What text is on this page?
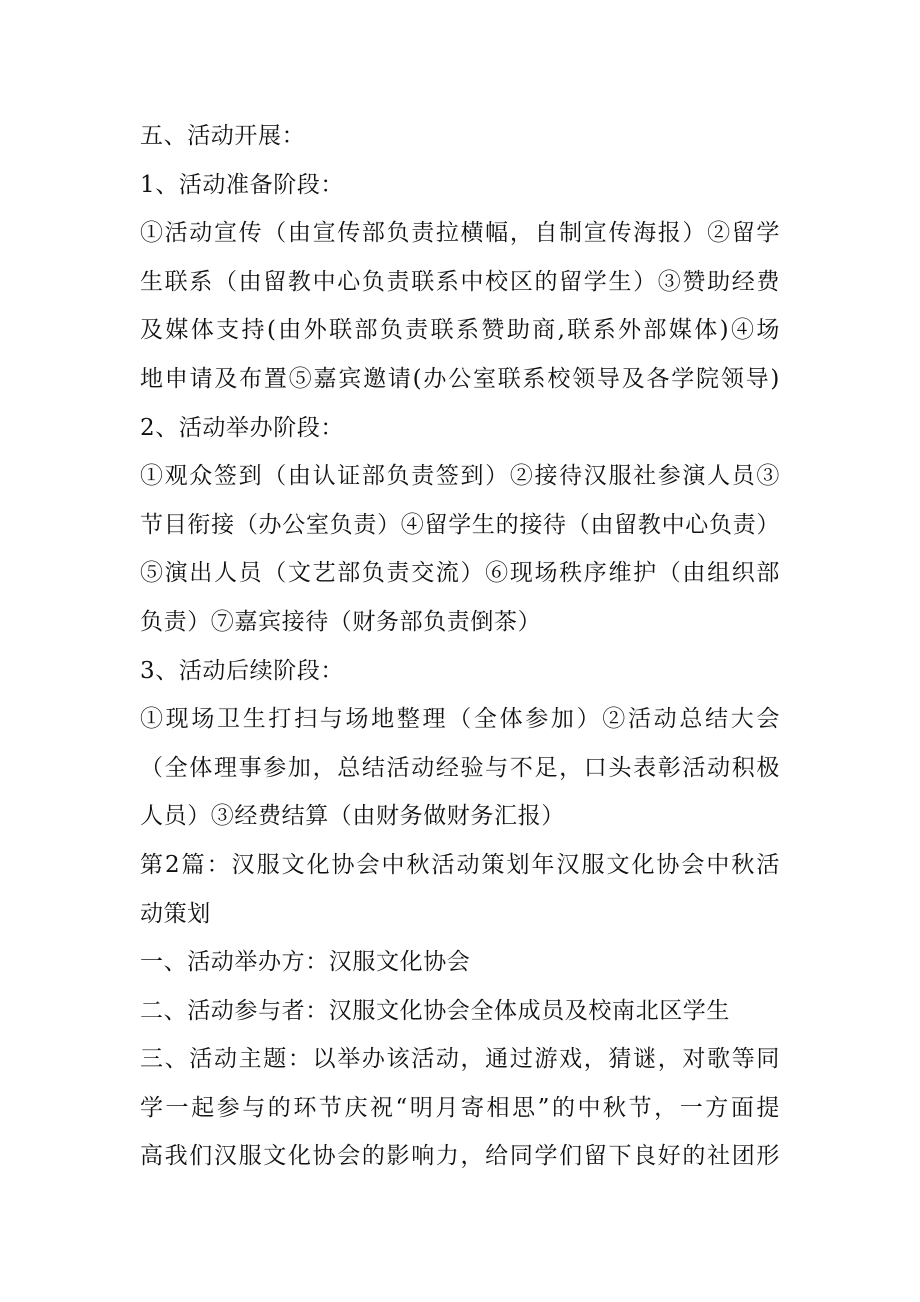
五、活动开展：
1、活动准备阶段：
①活动宣传（由宣传部负责拉横幅，自制宣传海报）②留学
生联系（由留教中心负责联系中校区的留学生）③赞助经费
及媒体支持(由外联部负责联系赞助商,联系外部媒体)④场
地申请及布置⑤嘉宾邀请(办公室联系校领导及各学院领导)
2、活动举办阶段：
①观众签到（由认证部负责签到）②接待汉服社参演人员③
节目衔接（办公室负责）④留学生的接待（由留教中心负责）
⑤演出人员（文艺部负责交流）⑥现场秩序维护（由组织部
负责）⑦嘉宾接待（财务部负责倒茶）
3、活动后续阶段：
①现场卫生打扫与场地整理（全体参加）②活动总结大会
（全体理事参加，总结活动经验与不足，口头表彰活动积极
人员）③经费结算（由财务做财务汇报）
第2篇：汉服文化协会中秋活动策划年汉服文化协会中秋活
动策划
一、活动举办方：汉服文化协会
二、活动参与者：汉服文化协会全体成员及校南北区学生
三、活动主题：以举办该活动，通过游戏，猜谜，对歌等同
学一起参与的环节庆祝“明月寄相思”的中秋节，一方面提
高我们汉服文化协会的影响力，给同学们留下良好的社团形
